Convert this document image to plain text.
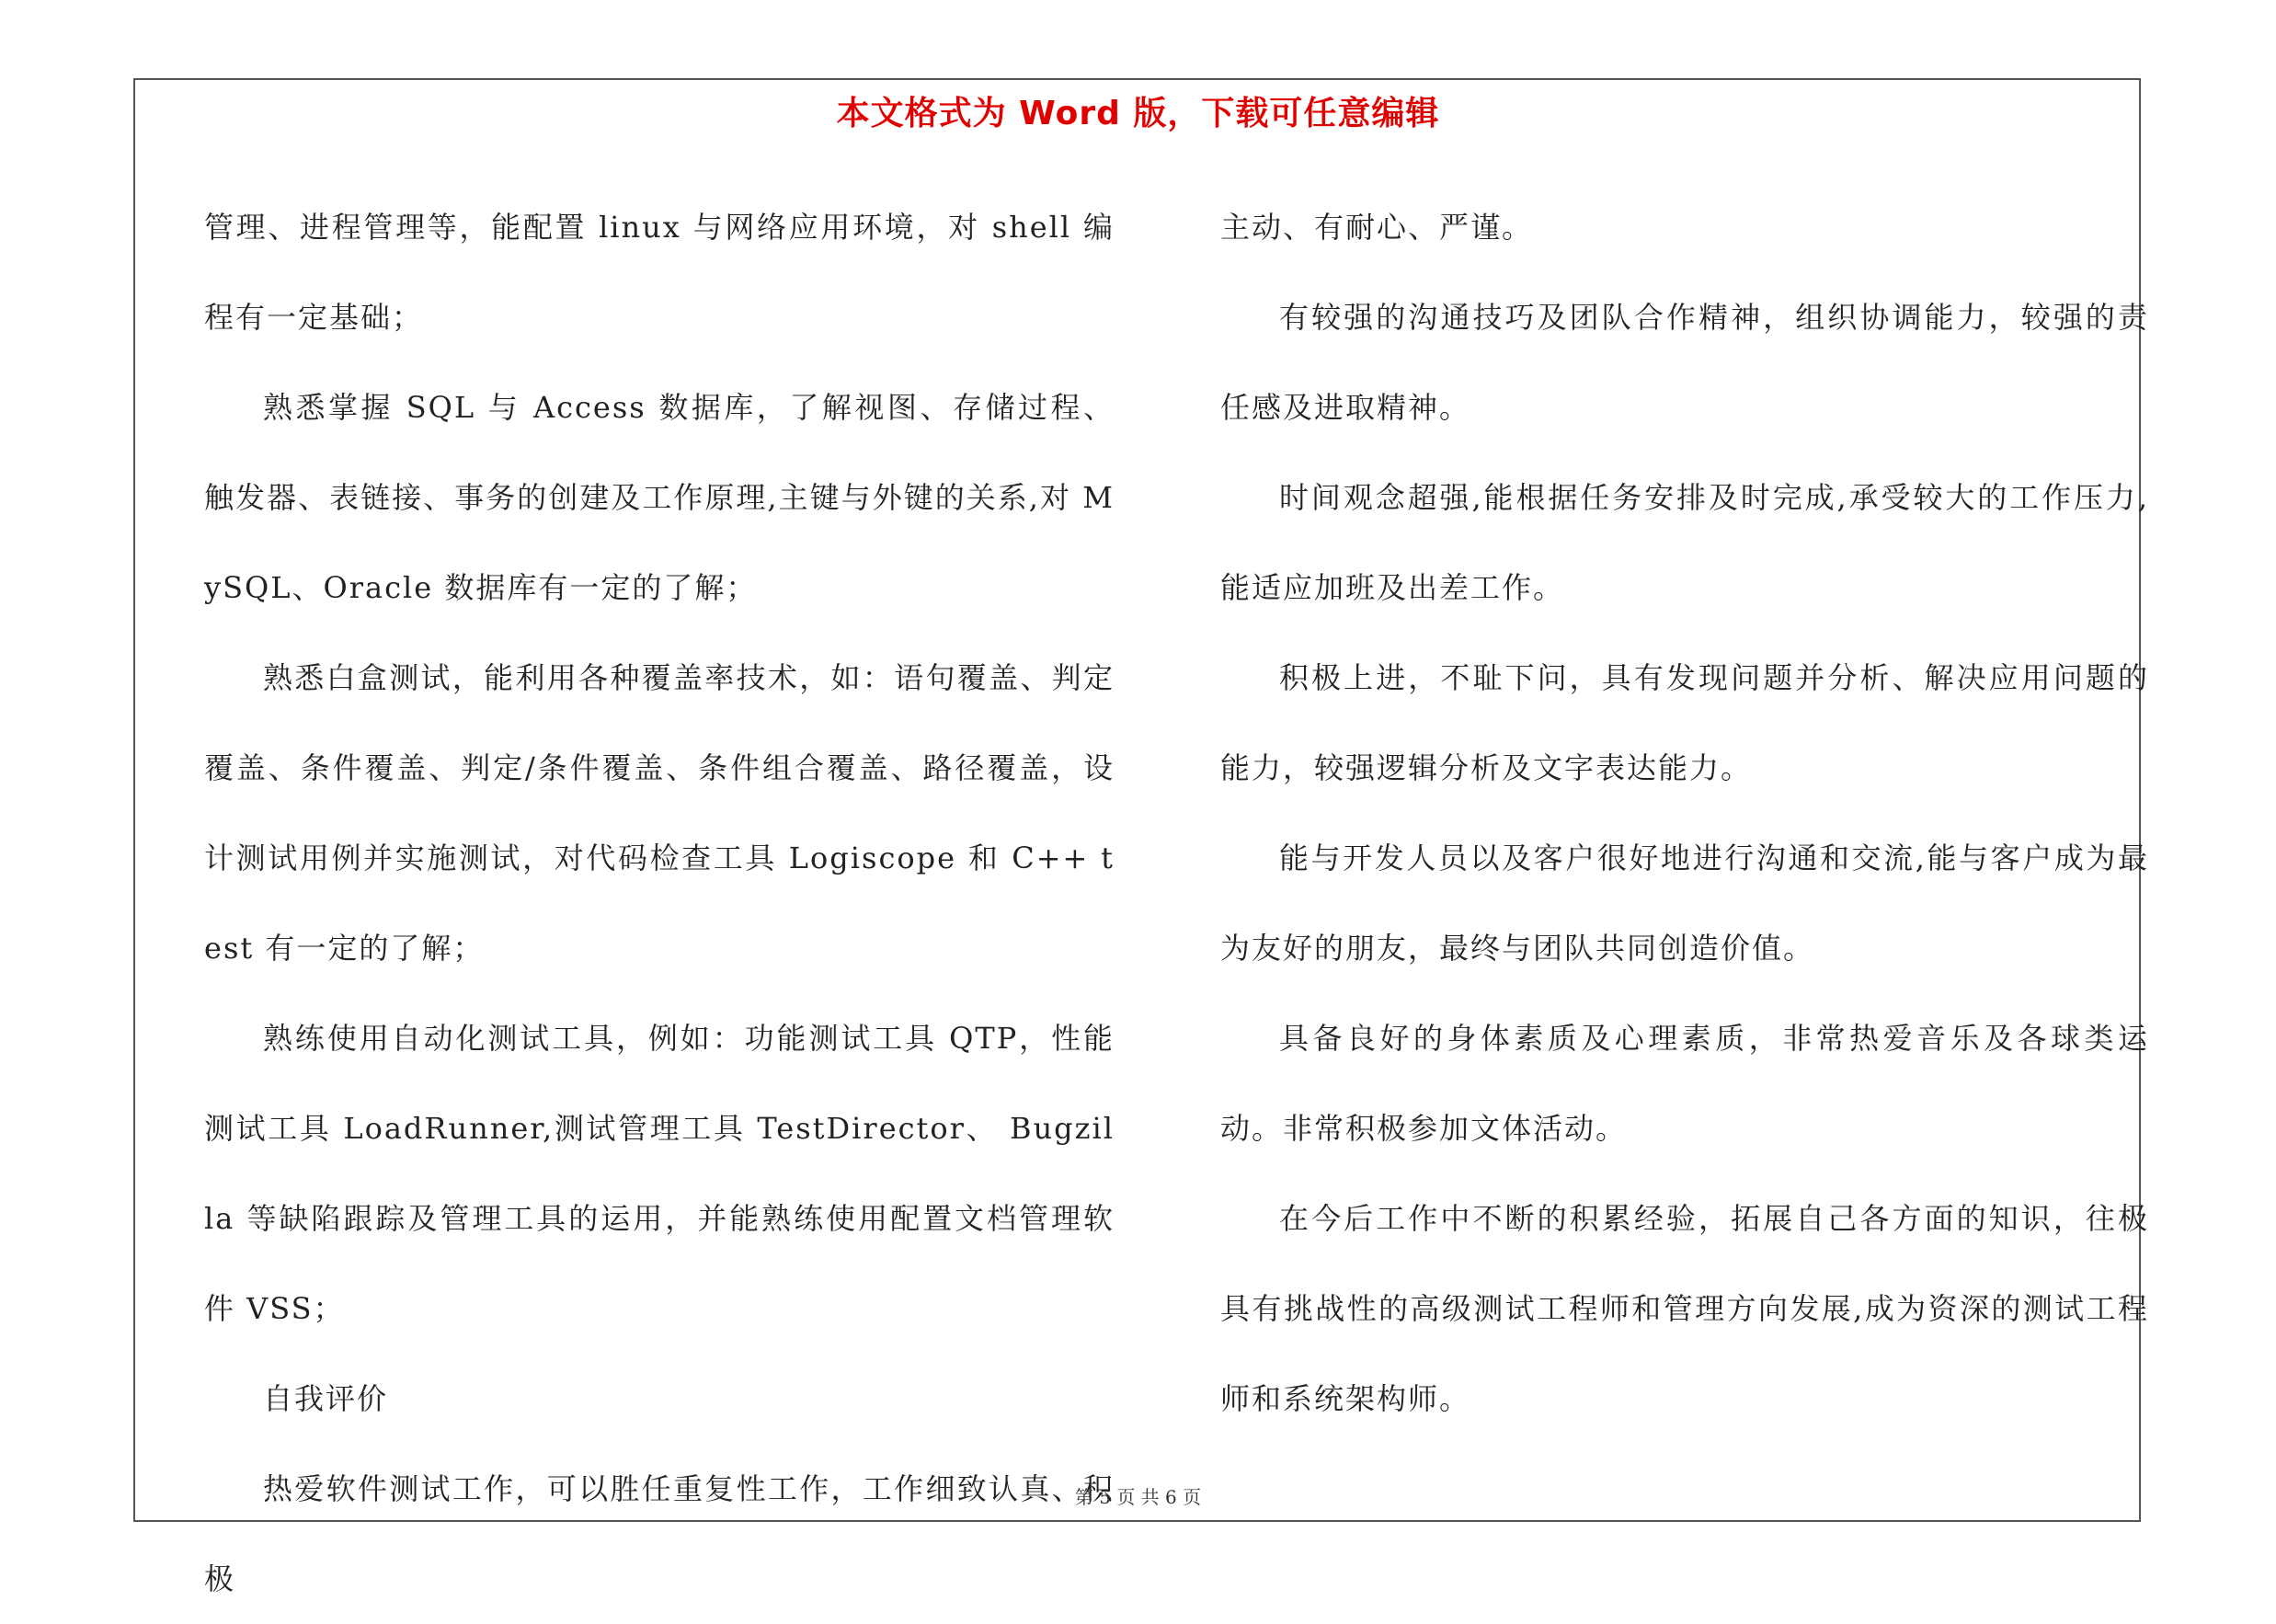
本文格式为 Word 版，下载可任意编辑

管理、进程管理等，能配置 linux 与网络应用环境，对 shell 编程有一定基础；

熟悉掌握 SQL 与 Access 数据库，了解视图、存储过程、触发器、表链接、事务的创建及工作原理,主键与外键的关系,对 MySQL、Oracle 数据库有一定的了解；

熟悉白盒测试，能利用各种覆盖率技术，如：语句覆盖、判定覆盖、条件覆盖、判定/条件覆盖、条件组合覆盖、路径覆盖，设计测试用例并实施测试，对代码检查工具 Logiscope 和 C++ test 有一定的了解；

熟练使用自动化测试工具，例如：功能测试工具 QTP，性能测试工具 LoadRunner,测试管理工具 TestDirector、 Bugzilla 等缺陷跟踪及管理工具的运用，并能熟练使用配置文档管理软件 VSS；

自我评价

热爱软件测试工作，可以胜任重复性工作，工作细致认真、积极

主动、有耐心、严谨。

有较强的沟通技巧及团队合作精神，组织协调能力，较强的责任感及进取精神。

时间观念超强,能根据任务安排及时完成,承受较大的工作压力,能适应加班及出差工作。

积极上进，不耻下问，具有发现问题并分析、解决应用问题的能力，较强逻辑分析及文字表达能力。

能与开发人员以及客户很好地进行沟通和交流,能与客户成为最为友好的朋友，最终与团队共同创造价值。

具备良好的身体素质及心理素质，非常热爱音乐及各球类运动。非常积极参加文体活动。

在今后工作中不断的积累经验，拓展自己各方面的知识，往极具有挑战性的高级测试工程师和管理方向发展,成为资深的测试工程师和系统架构师。

第 5 页 共 6 页
